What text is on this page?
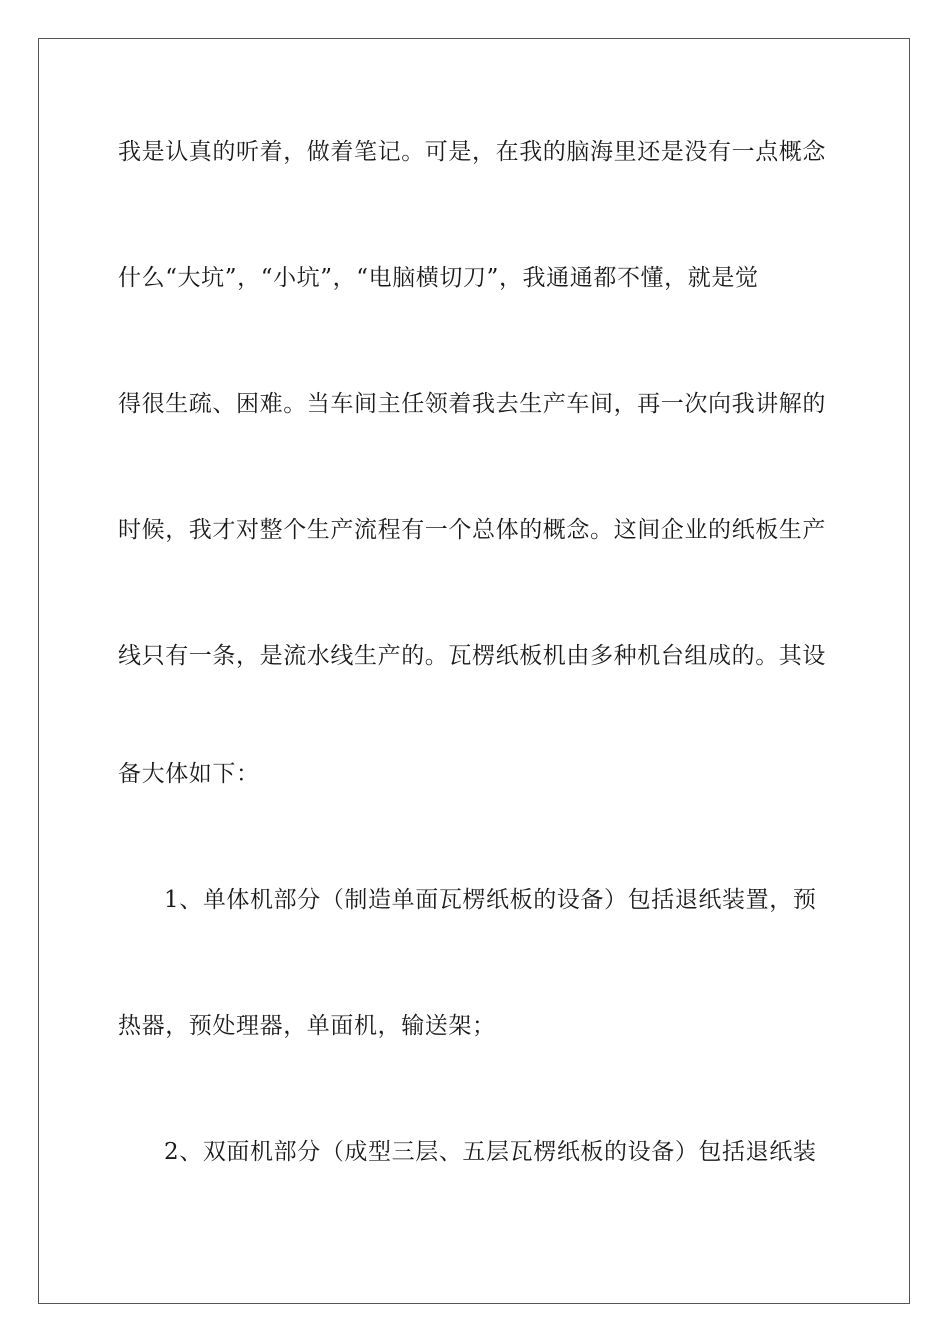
我是认真的听着，做着笔记。可是，在我的脑海里还是没有一点概念
什么“大坑”，“小坑”，“电脑横切刀”，我通通都不懂，就是觉
得很生疏、困难。当车间主任领着我去生产车间，再一次向我讲解的
时候，我才对整个生产流程有一个总体的概念。这间企业的纸板生产
线只有一条，是流水线生产的。瓦楞纸板机由多种机台组成的。其设
备大体如下：
1、单体机部分（制造单面瓦楞纸板的设备）包括退纸装置，预
热器，预处理器，单面机，输送架；
2、双面机部分（成型三层、五层瓦楞纸板的设备）包括退纸装
